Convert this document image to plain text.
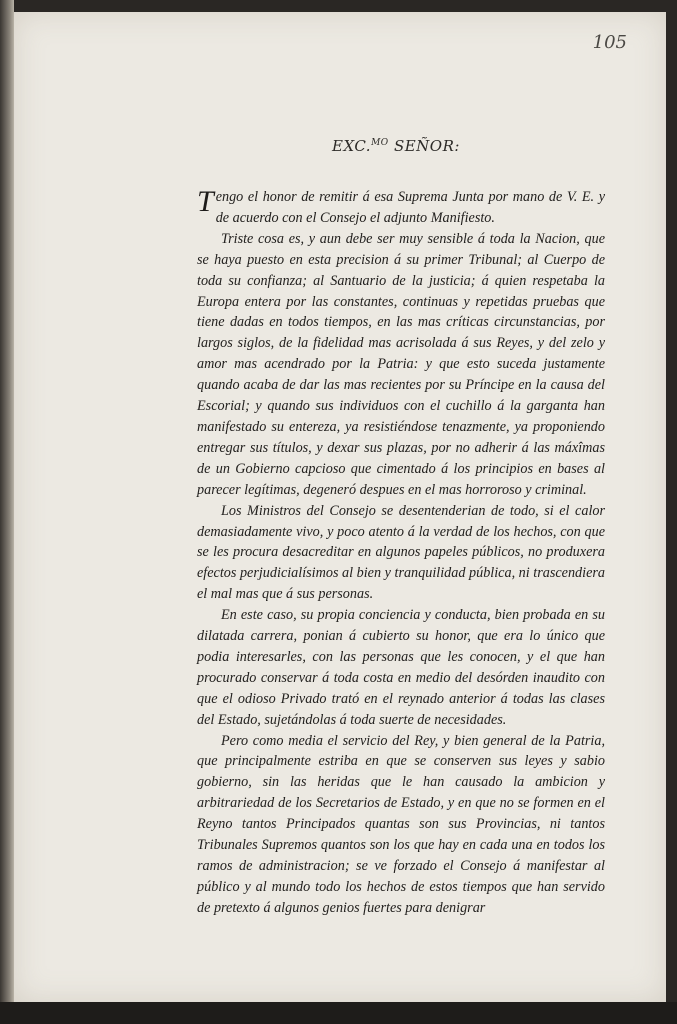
105
EXC.$^{MO}$ SEÑOR:

Tengo el honor de remitir á esa Suprema Junta por mano de V. E. y de acuerdo con el Consejo el adjunto Manifiesto.

Triste cosa es, y aun debe ser muy sensible á toda la Nacion, que se haya puesto en esta precision á su primer Tribunal; al Cuerpo de toda su confianza; al Santuario de la justicia; á quien respetaba la Europa entera por las constantes, continuas y repetidas pruebas que tiene dadas en todos tiempos, en las mas críticas circunstancias, por largos siglos, de la fidelidad mas acrisolada á sus Reyes, y del zelo y amor mas acendrado por la Patria: y que esto suceda justamente quando acaba de dar las mas recientes por su Príncipe en la causa del Escorial; y quando sus individuos con el cuchillo á la garganta han manifestado su entereza, ya resistiéndose tenazmente, ya proponiendo entregar sus títulos, y dexar sus plazas, por no adherir á las máxîmas de un Gobierno capcioso que cimentado á los principios en bases al parecer legítimas, degeneró despues en el mas horroroso y criminal.

Los Ministros del Consejo se desentenderian de todo, si el calor demasiadamente vivo, y poco atento á la verdad de los hechos, con que se les procura desacreditar en algunos papeles públicos, no produxera efectos perjudicialísimos al bien y tranquilidad pública, ni trascendiera el mal mas que á sus personas.

En este caso, su propia conciencia y conducta, bien probada en su dilatada carrera, ponian á cubierto su honor, que era lo único que podia interesarles, con las personas que les conocen, y el que han procurado conservar á toda costa en medio del desórden inaudito con que el odioso Privado trató en el reynado anterior á todas las clases del Estado, sujetándolas á toda suerte de necesidades.

Pero como media el servicio del Rey, y bien general de la Patria, que principalmente estriba en que se conserven sus leyes y sabio gobierno, sin las heridas que le han causado la ambicion y arbitrariedad de los Secretarios de Estado, y en que no se formen en el Reyno tantos Principados quantas son sus Provincias, ni tantos Tribunales Supremos quantos son los que hay en cada una en todos los ramos de administracion; se ve forzado el Consejo á manifestar al público y al mundo todo los hechos de estos tiempos que han servido de pretexto á algunos genios fuertes para denigrar
